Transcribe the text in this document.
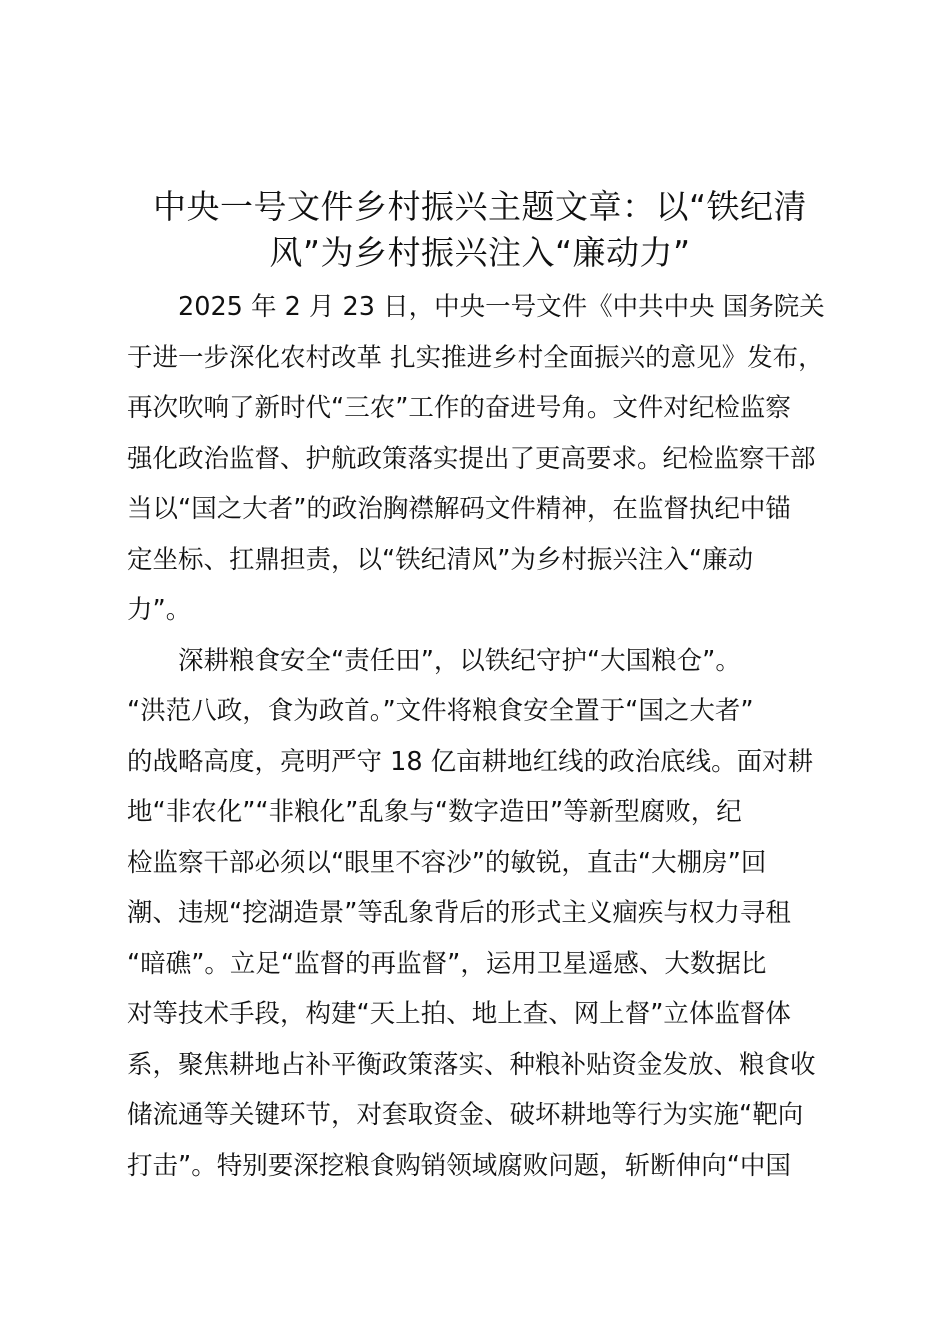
中央一号文件乡村振兴主题文章：以“铁纪清
风”为乡村振兴注入“廉动力”

2025 年 2 月 23 日，中央一号文件《中共中央 国务院关
于进一步深化农村改革 扎实推进乡村全面振兴的意见》发布，
再次吹响了新时代“三农”工作的奋进号角。文件对纪检监察
强化政治监督、护航政策落实提出了更高要求。纪检监察干部
当以“国之大者”的政治胸襟解码文件精神，在监督执纪中锚
定坐标、扛鼎担责，以“铁纪清风”为乡村振兴注入“廉动
力”。

深耕粮食安全“责任田”，以铁纪守护“大国粮仓”。
“洪范八政，食为政首。”文件将粮食安全置于“国之大者”
的战略高度，亮明严守 18 亿亩耕地红线的政治底线。面对耕
地“非农化”“非粮化”乱象与“数字造田”等新型腐败，纪
检监察干部必须以“眼里不容沙”的敏锐，直击“大棚房”回
潮、违规“挖湖造景”等乱象背后的形式主义痼疾与权力寻租
“暗礁”。立足“监督的再监督”，运用卫星遥感、大数据比
对等技术手段，构建“天上拍、地上查、网上督”立体监督体
系，聚焦耕地占补平衡政策落实、种粮补贴资金发放、粮食收
储流通等关键环节，对套取资金、破坏耕地等行为实施“靶向
打击”。特别要深挖粮食购销领域腐败问题，斩断伸向“中国
